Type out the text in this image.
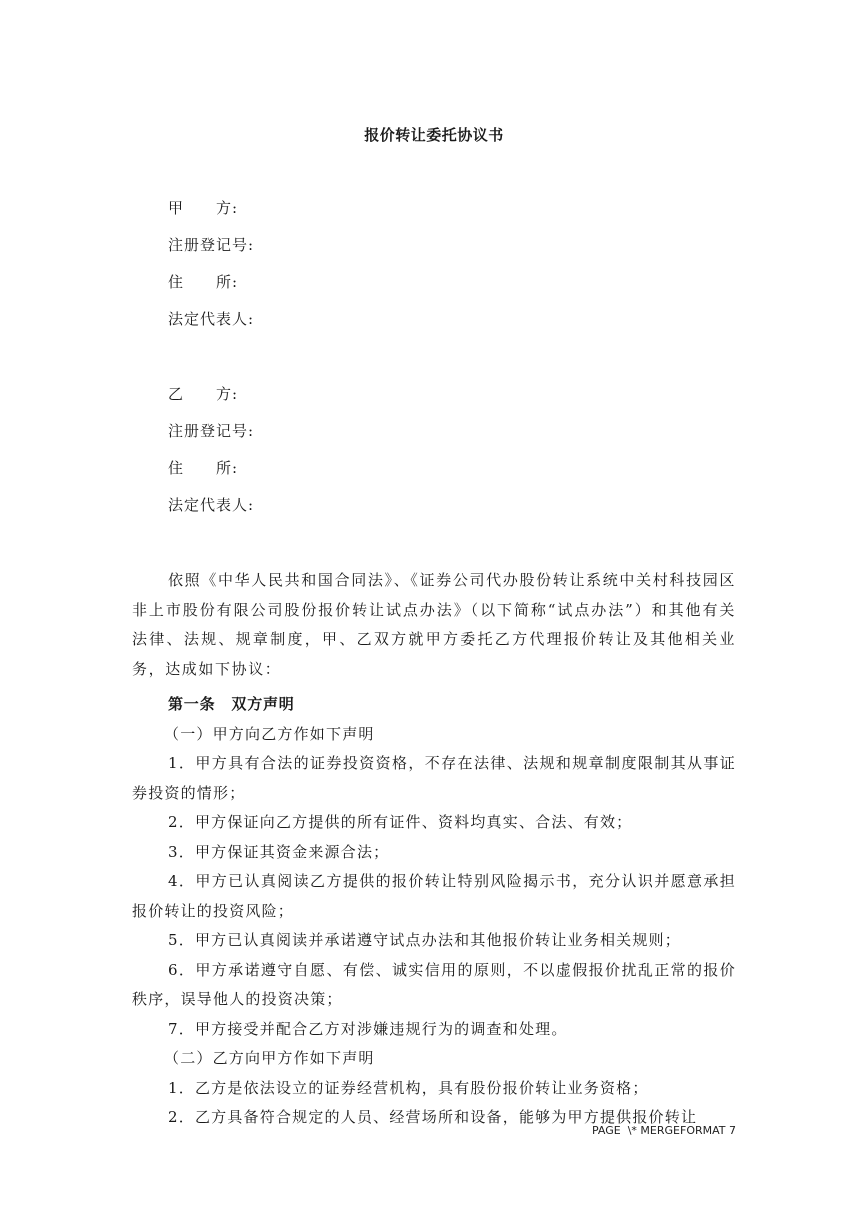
报价转让委托协议书
甲　　方:
注册登记号:
住　　所:
法定代表人:
乙　　方:
注册登记号:
住　　所:
法定代表人:

依照《中华人民共和国合同法》、《证券公司代办股份转让系统中关村科技园区非上市股份有限公司股份报价转让试点办法》（以下简称“试点办法”）和其他有关法律、法规、规章制度，甲、乙双方就甲方委托乙方代理报价转让及其他相关业务，达成如下协议：

第一条 双方声明

（一）甲方向乙方作如下声明

1．甲方具有合法的证券投资资格，不存在法律、法规和规章制度限制其从事证券投资的情形；

2．甲方保证向乙方提供的所有证件、资料均真实、合法、有效；

3．甲方保证其资金来源合法；

4．甲方已认真阅读乙方提供的报价转让特别风险揭示书，充分认识并愿意承担报价转让的投资风险；

5．甲方已认真阅读并承诺遵守试点办法和其他报价转让业务相关规则；

6．甲方承诺遵守自愿、有偿、诚实信用的原则，不以虚假报价扰乱正常的报价秩序，误导他人的投资决策；

7．甲方接受并配合乙方对涉嫌违规行为的调查和处理。

（二）乙方向甲方作如下声明

1．乙方是依法设立的证券经营机构，具有股份报价转让业务资格；

2．乙方具备符合规定的人员、经营场所和设备，能够为甲方提供报价转让

PAGE  \* MERGEFORMAT 7
